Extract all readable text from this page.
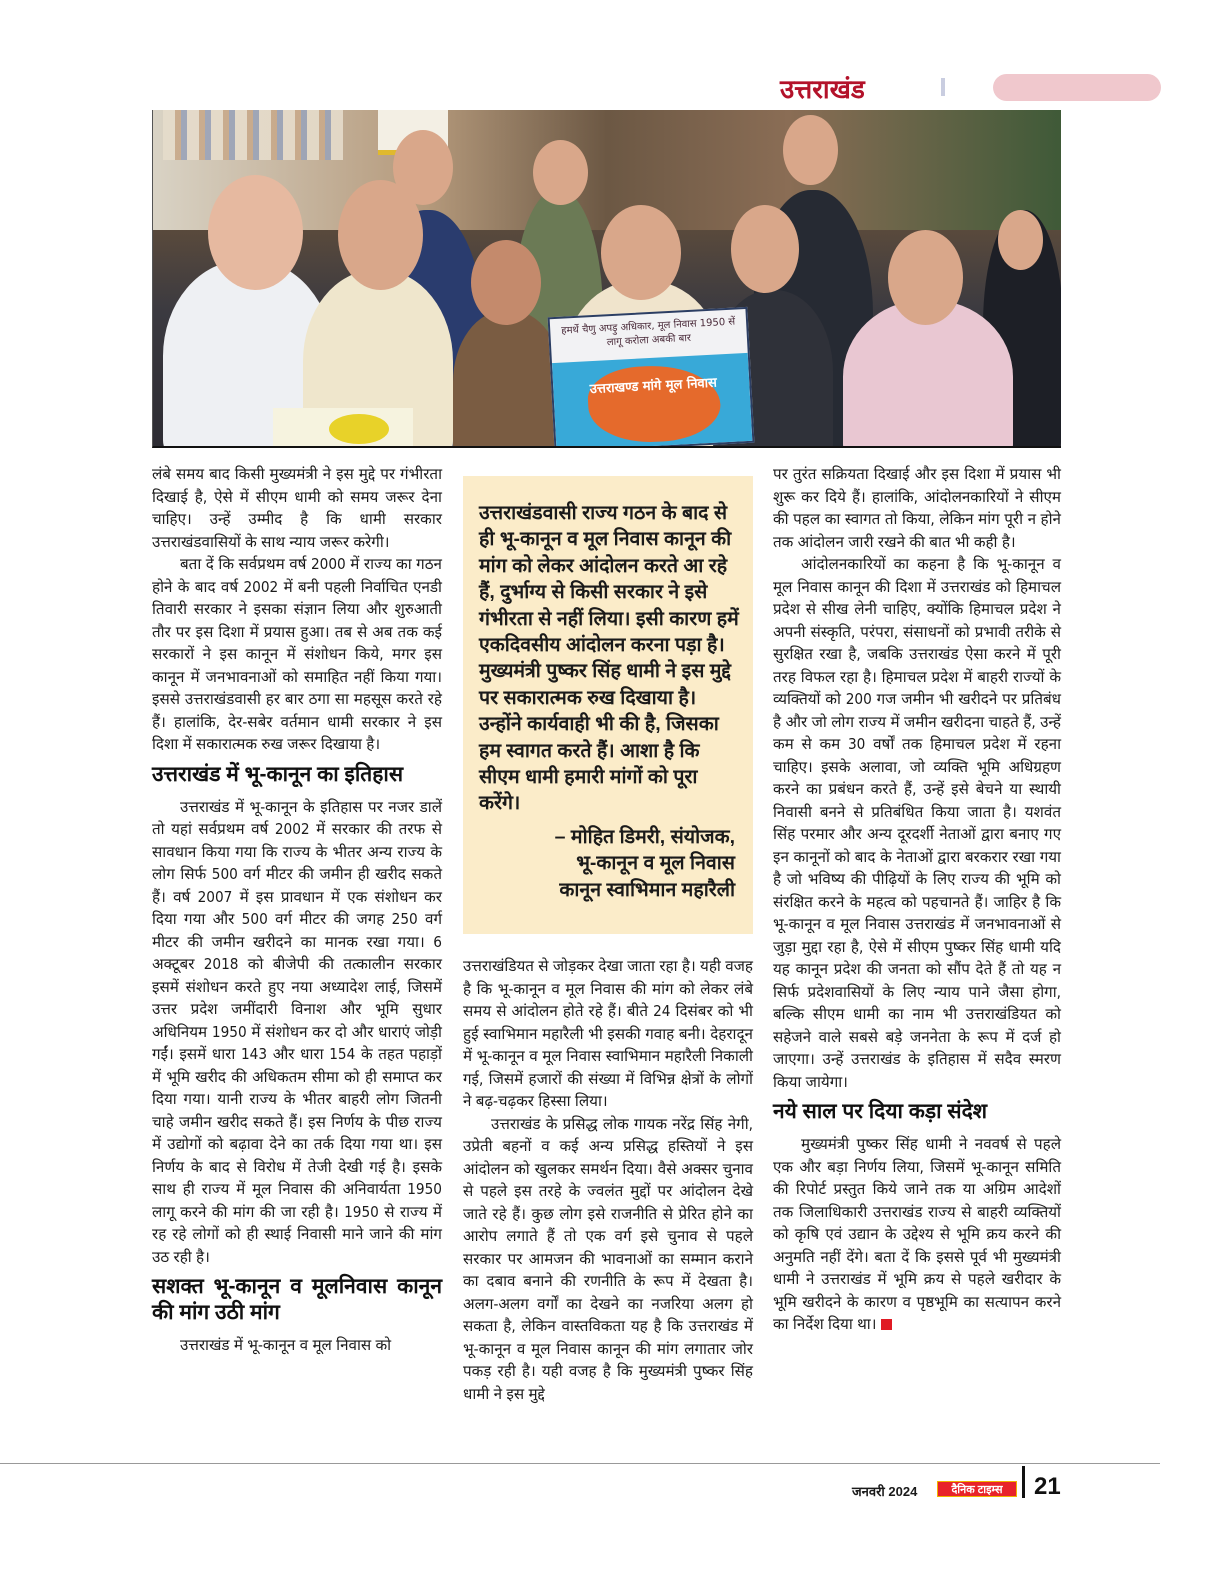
उत्तराखंड
हमर्थे चैणु अपड़ु अधिकार, मूल निवास 1950 सें लागू करोला अबकी बार
उत्तराखण्ड मांगे मूल निवास

लंबे समय बाद किसी मुख्यमंत्री ने इस मुद्दे पर गंभीरता दिखाई है, ऐसे में सीएम धामी को समय जरूर देना चाहिए। उन्हें उम्मीद है कि धामी सरकार उत्तराखंडवासियों के साथ न्याय जरूर करेगी।

बता दें कि सर्वप्रथम वर्ष 2000 में राज्य का गठन होने के बाद वर्ष 2002 में बनी पहली निर्वाचित एनडी तिवारी सरकार ने इसका संज्ञान लिया और शुरुआती तौर पर इस दिशा में प्रयास हुआ। तब से अब तक कई सरकारों ने इस कानून में संशोधन किये, मगर इस कानून में जनभावनाओं को समाहित नहीं किया गया। इससे उत्तराखंडवासी हर बार ठगा सा महसूस करते रहे हैं। हालांकि, देर-सबेर वर्तमान धामी सरकार ने इस दिशा में सकारात्मक रुख जरूर दिखाया है।

उत्तराखंड में भू-कानून का इतिहास

उत्तराखंड में भू-कानून के इतिहास पर नजर डालें तो यहां सर्वप्रथम वर्ष 2002 में सरकार की तरफ से सावधान किया गया कि राज्य के भीतर अन्य राज्य के लोग सिर्फ 500 वर्ग मीटर की जमीन ही खरीद सकते हैं। वर्ष 2007 में इस प्रावधान में एक संशोधन कर दिया गया और 500 वर्ग मीटर की जगह 250 वर्ग मीटर की जमीन खरीदने का मानक रखा गया। 6 अक्टूबर 2018 को बीजेपी की तत्कालीन सरकार इसमें संशोधन करते हुए नया अध्यादेश लाई, जिसमें उत्तर प्रदेश जमींदारी विनाश और भूमि सुधार अधिनियम 1950 में संशोधन कर दो और धाराएं जोड़ी गईं। इसमें धारा 143 और धारा 154 के तहत पहाड़ों में भूमि खरीद की अधिकतम सीमा को ही समाप्त कर दिया गया। यानी राज्य के भीतर बाहरी लोग जितनी चाहे जमीन खरीद सकते हैं। इस निर्णय के पीछ राज्य में उद्योगों को बढ़ावा देने का तर्क दिया गया था। इस निर्णय के बाद से विरोध में तेजी देखी गई है। इसके साथ ही राज्य में मूल निवास की अनिवार्यता 1950 लागू करने की मांग की जा रही है। 1950 से राज्य में रह रहे लोगों को ही स्थाई निवासी माने जाने की मांग उठ रही है।

सशक्त भू-कानून व मूलनिवास कानून की मांग उठी मांग

उत्तराखंड में भू-कानून व मूल निवास को

उत्तराखंडवासी राज्य गठन के बाद से ही भू-कानून व मूल निवास कानून की मांग को लेकर आंदोलन करते आ रहे हैं, दुर्भाग्य से किसी सरकार ने इसे गंभीरता से नहीं लिया। इसी कारण हमें एकदिवसीय आंदोलन करना पड़ा है। मुख्यमंत्री पुष्कर सिंह धामी ने इस मुद्दे पर सकारात्मक रुख दिखाया है। उन्होंने कार्यवाही भी की है, जिसका हम स्वागत करते हैं। आशा है कि सीएम धामी हमारी मांगों को पूरा करेंगे।
– मोहित डिमरी, संयोजक,
भू-कानून व मूल निवास
कानून स्वाभिमान महारैली

उत्तराखंडियत से जोड़कर देखा जाता रहा है। यही वजह है कि भू-कानून व मूल निवास की मांग को लेकर लंबे समय से आंदोलन होते रहे हैं। बीते 24 दिसंबर को भी हुई स्वाभिमान महारैली भी इसकी गवाह बनी। देहरादून में भू-कानून व मूल निवास स्वाभिमान महारैली निकाली गई, जिसमें हजारों की संख्या में विभिन्न क्षेत्रों के लोगों ने बढ़-चढ़कर हिस्सा लिया।

उत्तराखंड के प्रसिद्ध लोक गायक नरेंद्र सिंह नेगी, उप्रेती बहनों व कई अन्य प्रसिद्ध हस्तियों ने इस आंदोलन को खुलकर समर्थन दिया। वैसे अक्सर चुनाव से पहले इस तरहे के ज्वलंत मुद्दों पर आंदोलन देखे जाते रहे हैं। कुछ लोग इसे राजनीति से प्रेरित होने का आरोप लगाते हैं तो एक वर्ग इसे चुनाव से पहले सरकार पर आमजन की भावनाओं का सम्मान कराने का दबाव बनाने की रणनीति के रूप में देखता है। अलग-अलग वर्गों का देखने का नजरिया अलग हो सकता है, लेकिन वास्तविकता यह है कि उत्तराखंड में भू-कानून व मूल निवास कानून की मांग लगातार जोर पकड़ रही है। यही वजह है कि मुख्यमंत्री पुष्कर सिंह धामी ने इस मुद्दे

पर तुरंत सक्रियता दिखाई और इस दिशा में प्रयास भी शुरू कर दिये हैं। हालांकि, आंदोलनकारियों ने सीएम की पहल का स्वागत तो किया, लेकिन मांग पूरी न होने तक आंदोलन जारी रखने की बात भी कही है।

आंदोलनकारियों का कहना है कि भू-कानून व मूल निवास कानून की दिशा में उत्तराखंड को हिमाचल प्रदेश से सीख लेनी चाहिए, क्योंकि हिमाचल प्रदेश ने अपनी संस्कृति, परंपरा, संसाधनों को प्रभावी तरीके से सुरक्षित रखा है, जबकि उत्तराखंड ऐसा करने में पूरी तरह विफल रहा है। हिमाचल प्रदेश में बाहरी राज्यों के व्यक्तियों को 200 गज जमीन भी खरीदने पर प्रतिबंध है और जो लोग राज्य में जमीन खरीदना चाहते हैं, उन्हें कम से कम 30 वर्षों तक हिमाचल प्रदेश में रहना चाहिए। इसके अलावा, जो व्यक्ति भूमि अधिग्रहण करने का प्रबंधन करते हैं, उन्हें इसे बेचने या स्थायी निवासी बनने से प्रतिबंधित किया जाता है। यशवंत सिंह परमार और अन्य दूरदर्शी नेताओं द्वारा बनाए गए इन कानूनों को बाद के नेताओं द्वारा बरकरार रखा गया है जो भविष्य की पीढ़ियों के लिए राज्य की भूमि को संरक्षित करने के महत्व को पहचानते हैं। जाहिर है कि भू-कानून व मूल निवास उत्तराखंड में जनभावनाओं से जुड़ा मुद्दा रहा है, ऐसे में सीएम पुष्कर सिंह धामी यदि यह कानून प्रदेश की जनता को सौंप देते हैं तो यह न सिर्फ प्रदेशवासियों के लिए न्याय पाने जैसा होगा, बल्कि सीएम धामी का नाम भी उत्तराखंडियत को सहेजने वाले सबसे बड़े जननेता के रूप में दर्ज हो जाएगा। उन्हें उत्तराखंड के इतिहास में सदैव स्मरण किया जायेगा।

नये साल पर दिया कड़ा संदेश

मुख्यमंत्री पुष्कर सिंह धामी ने नववर्ष से पहले एक और बड़ा निर्णय लिया, जिसमें भू-कानून समिति की रिपोर्ट प्रस्तुत किये जाने तक या अग्रिम आदेशों तक जिलाधिकारी उत्तराखंड राज्य से बाहरी व्यक्तियों को कृषि एवं उद्यान के उद्देश्य से भूमि क्रय करने की अनुमति नहीं देंगे। बता दें कि इससे पूर्व भी मुख्यमंत्री धामी ने उत्तराखंड में भूमि क्रय से पहले खरीदार के भूमि खरीदने के कारण व पृष्ठभूमि का सत्यापन करने का निर्देश दिया था।

जनवरी 2024	दैनिक टाइम्स	21
